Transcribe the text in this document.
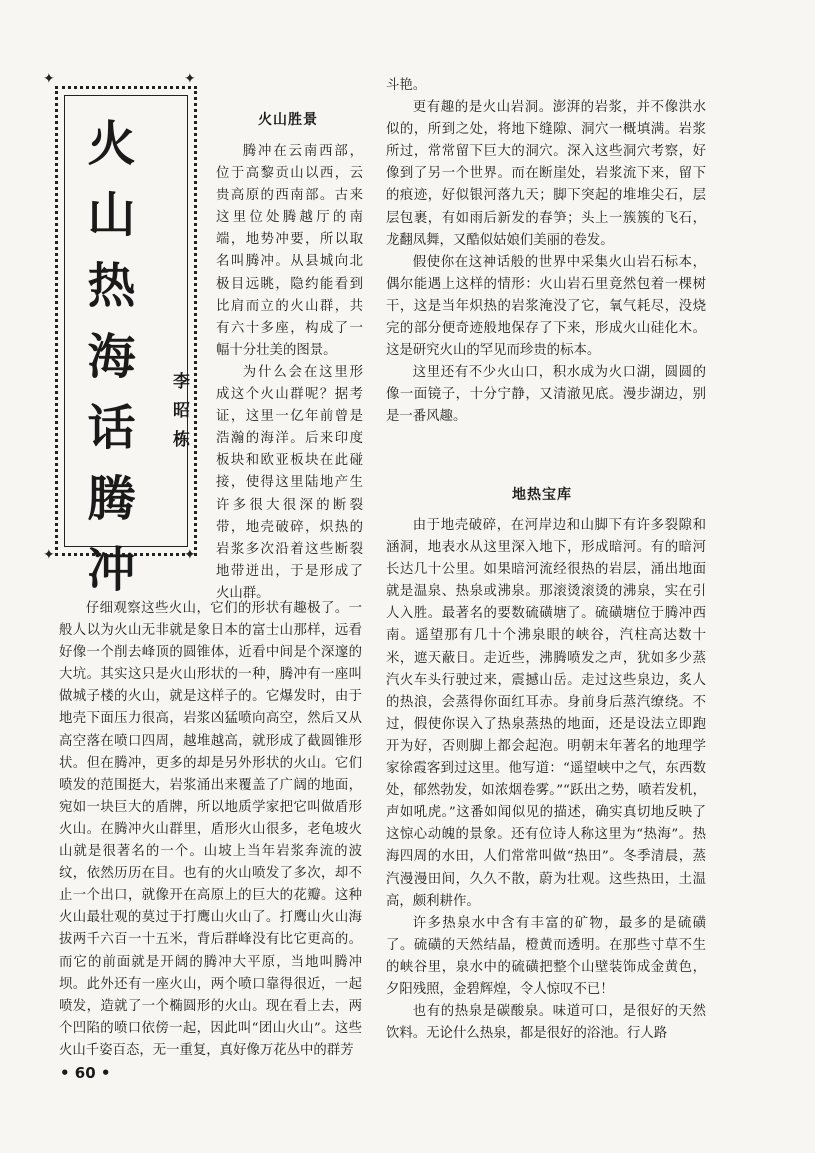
✦	✦
✦	✦
火山热海话腾冲	李昭栋
火山胜景

腾冲在云南西部，位于高黎贡山以西，云贵高原的西南部。古来这里位处腾越厅的南端，地势冲要，所以取名叫腾冲。从县城向北极目远眺，隐约能看到比肩而立的火山群，共有六十多座，构成了一幅十分壮美的图景。

为什么会在这里形成这个火山群呢？据考证，这里一亿年前曾是浩瀚的海洋。后来印度板块和欧亚板块在此碰接，使得这里陆地产生许多很大很深的断裂带，地壳破碎，炽热的岩浆多次沿着这些断裂地带迸出，于是形成了火山群。

仔细观察这些火山，它们的形状有趣极了。一般人以为火山无非就是象日本的富士山那样，远看好像一个削去峰顶的圆锥体，近看中间是个深邃的大坑。其实这只是火山形状的一种，腾冲有一座叫做城子楼的火山，就是这样子的。它爆发时，由于地壳下面压力很高，岩浆凶猛喷向高空，然后又从高空落在喷口四周，越堆越高，就形成了截圆锥形状。但在腾冲，更多的却是另外形状的火山。它们喷发的范围挺大，岩浆涌出来覆盖了广阔的地面，宛如一块巨大的盾牌，所以地质学家把它叫做盾形火山。在腾冲火山群里，盾形火山很多，老龟坡火山就是很著名的一个。山坡上当年岩浆奔流的波纹，依然历历在目。也有的火山喷发了多次，却不止一个出口，就像开在高原上的巨大的花瓣。这种火山最壮观的莫过于打鹰山火山了。打鹰山火山海拔两千六百一十五米，背后群峰没有比它更高的。而它的前面就是开阔的腾冲大平原，当地叫腾冲坝。此外还有一座火山，两个喷口靠得很近，一起喷发，造就了一个椭圆形的火山。现在看上去，两个凹陷的喷口依傍一起，因此叫“团山火山”。这些火山千姿百态，无一重复，真好像万花丛中的群芳

斗艳。

更有趣的是火山岩洞。澎湃的岩浆，并不像洪水似的，所到之处，将地下缝隙、洞穴一概填满。岩浆所过，常常留下巨大的洞穴。深入这些洞穴考察，好像到了另一个世界。而在断崖处，岩浆流下来，留下的痕迹，好似银河落九天；脚下突起的堆堆尖石，层层包裹，有如雨后新发的春笋；头上一簇簇的飞石，龙翻凤舞，又酷似姑娘们美丽的卷发。

假使你在这神话般的世界中采集火山岩石标本，偶尔能遇上这样的情形：火山岩石里竟然包着一棵树干，这是当年炽热的岩浆淹没了它，氧气耗尽，没烧完的部分便奇迹般地保存了下来，形成火山硅化木。这是研究火山的罕见而珍贵的标本。

这里还有不少火山口，积水成为火口湖，圆圆的像一面镜子，十分宁静，又清澈见底。漫步湖边，别是一番风趣。

地热宝库

由于地壳破碎，在河岸边和山脚下有许多裂隙和涵洞，地表水从这里深入地下，形成暗河。有的暗河长达几十公里。如果暗河流经很热的岩层，涌出地面就是温泉、热泉或沸泉。那滚烫滚烫的沸泉，实在引人入胜。最著名的要数硫磺塘了。硫磺塘位于腾冲西南。遥望那有几十个沸泉眼的峡谷，汽柱高达数十米，遮天蔽日。走近些，沸腾喷发之声，犹如多少蒸汽火车头行驶过来，震撼山岳。走过这些泉边，炙人的热浪，会蒸得你面红耳赤。身前身后蒸汽缭绕。不过，假使你误入了热泉蒸热的地面，还是设法立即跑开为好，否则脚上都会起泡。明朝末年著名的地理学家徐霞客到过这里。他写道：“遥望峡中之气，东西数处，郁然勃发，如浓烟卷雾。”“跃出之势，喷若发机，声如吼虎。”这番如闻似见的描述，确实真切地反映了这惊心动魄的景象。还有位诗人称这里为“热海”。热海四周的水田，人们常常叫做“热田”。冬季清晨，蒸汽漫漫田间，久久不散，蔚为壮观。这些热田，土温高，颇利耕作。

许多热泉水中含有丰富的矿物，最多的是硫磺了。硫磺的天然结晶，橙黄而透明。在那些寸草不生的峡谷里，泉水中的硫磺把整个山壁装饰成金黄色，夕阳残照，金碧辉煌，令人惊叹不已！

也有的热泉是碳酸泉。味道可口，是很好的天然饮料。无论什么热泉，都是很好的浴池。行人路

• 60 •
